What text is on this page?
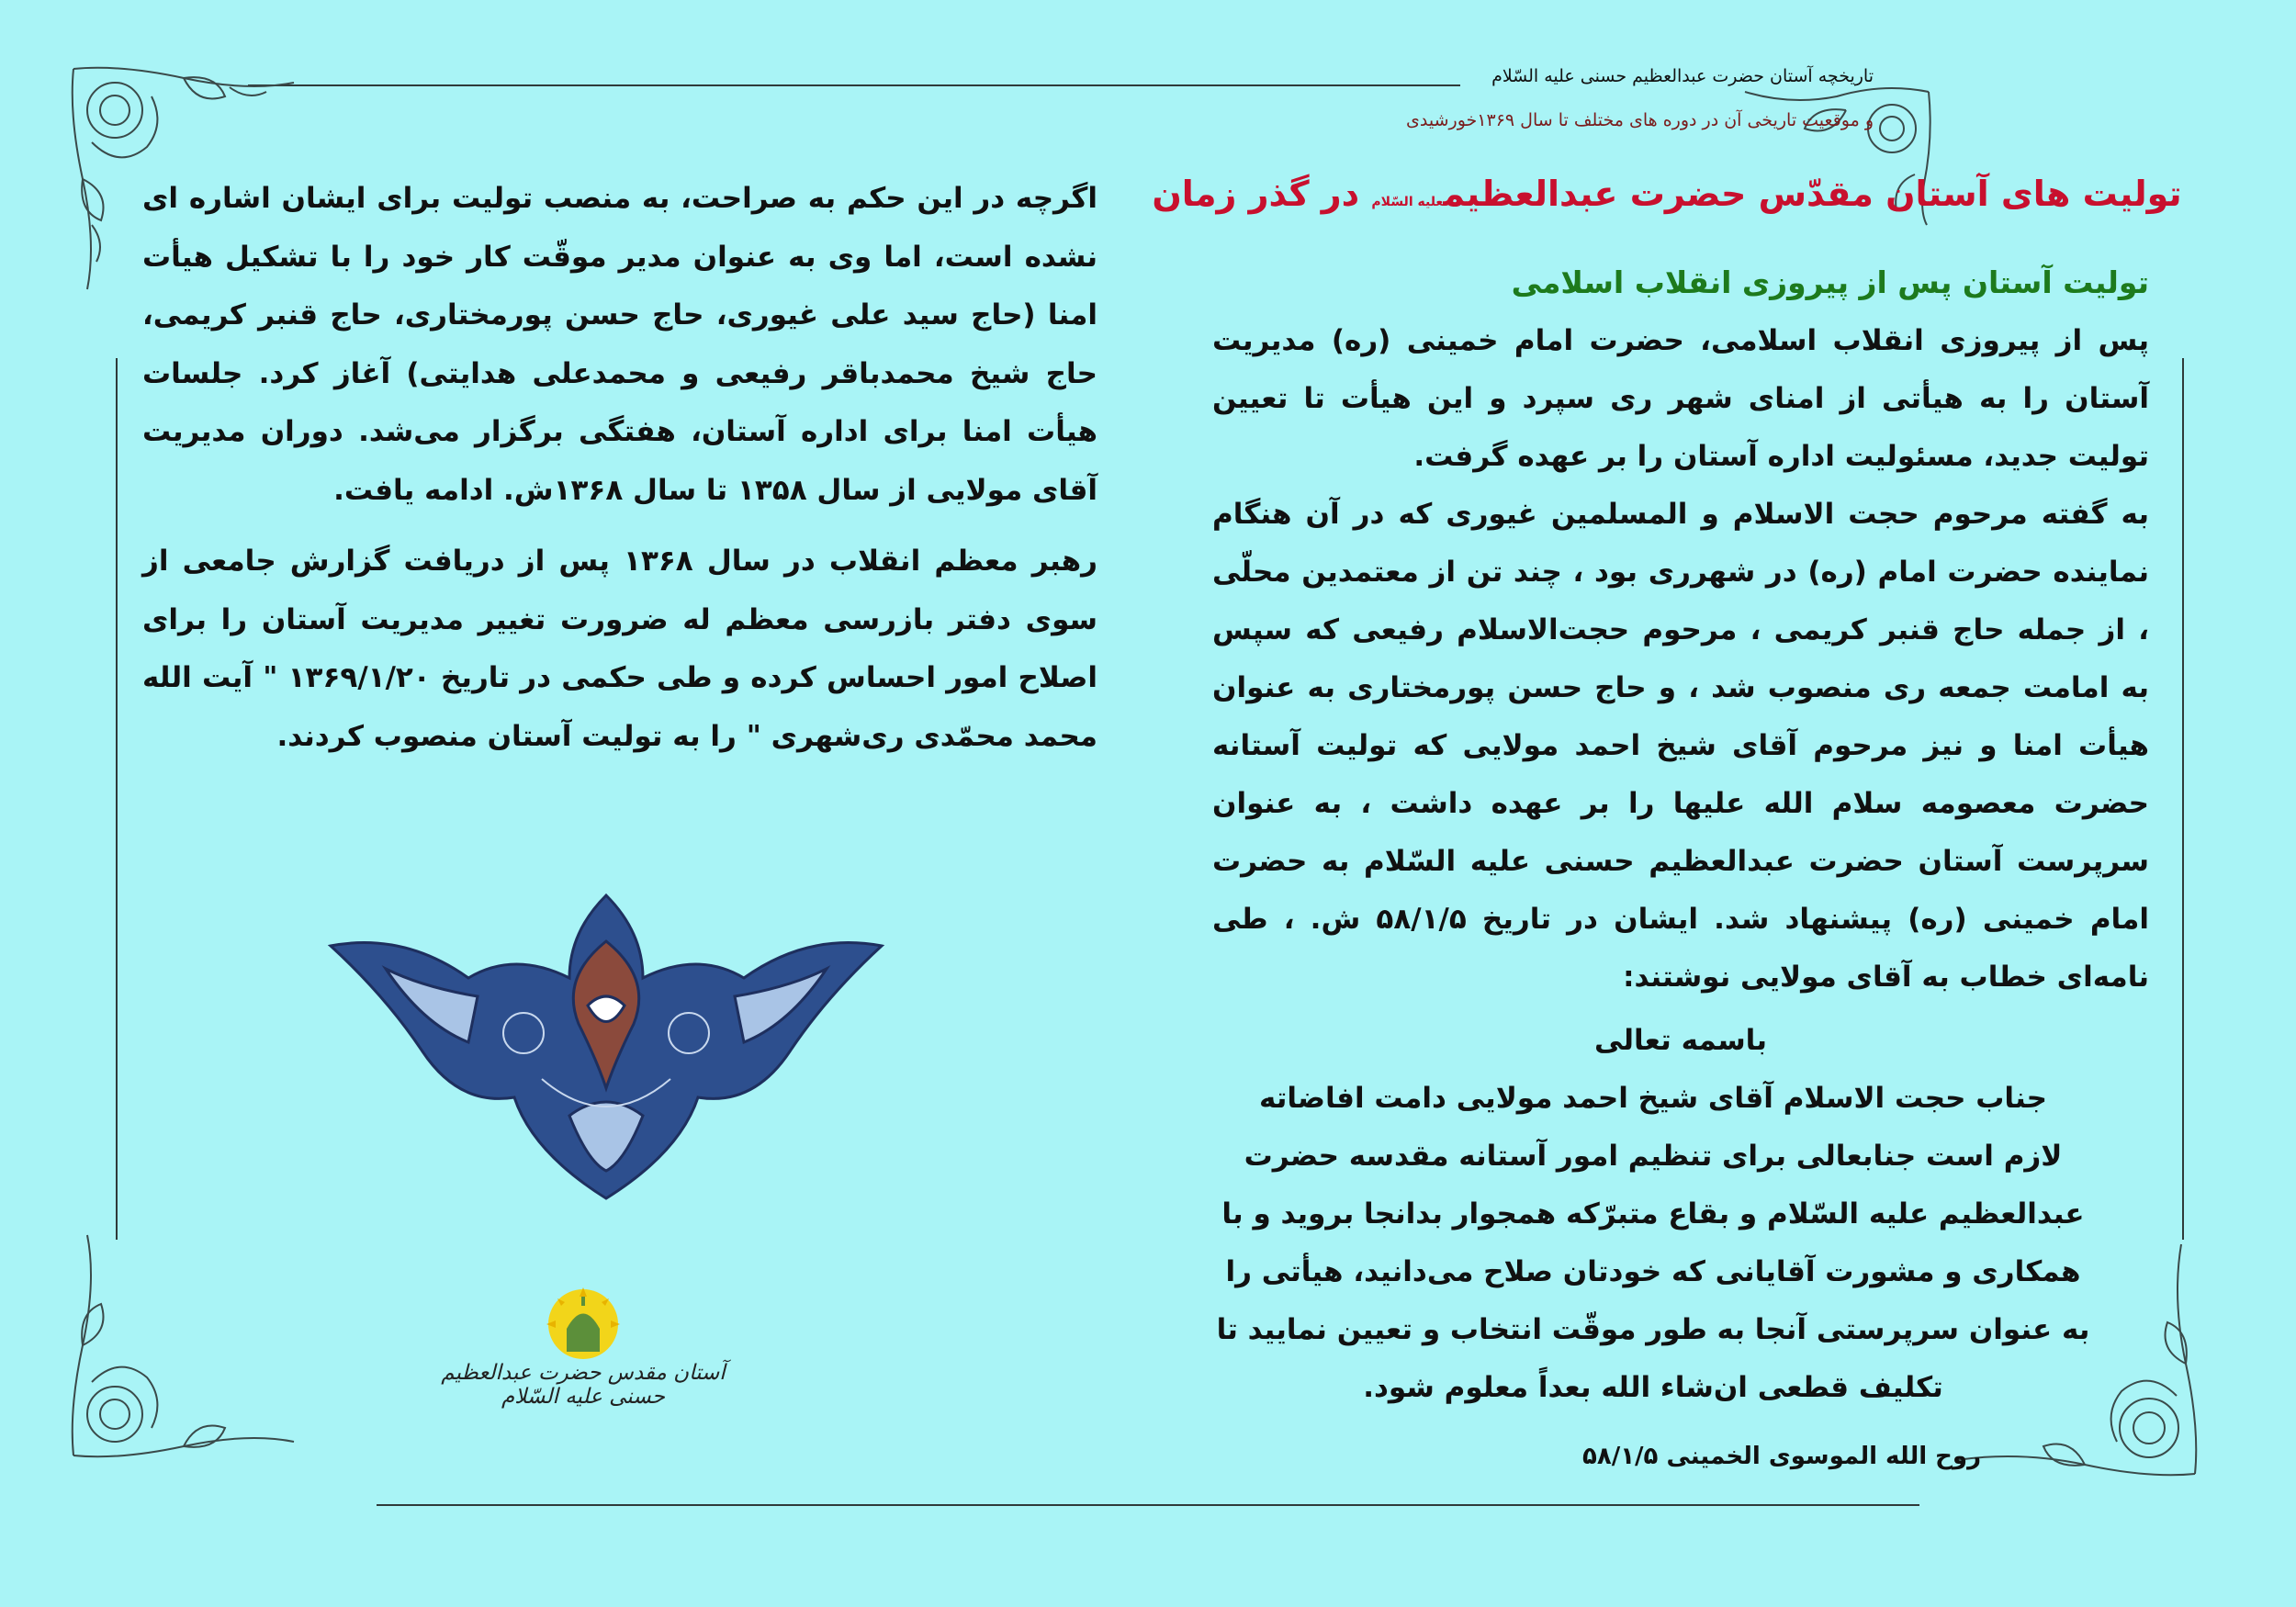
تاریخچه آستان حضرت عبدالعظیم حسنی علیه السّلام
و موقعیت تاریخی آن در دوره های مختلف تا سال ۱۳۶۹خورشیدی
تولیت های آستان مقدّس حضرت عبدالعظیمعلیه السّلام در گذر زمان

تولیت آستان پس از پیروزی انقلاب اسلامی

پس از پیروزی انقلاب اسلامی، حضرت امام خمینی (ره) مدیریت آستان را به هیأتی از امنای شهر ری سپرد و این هیأت تا تعیین تولیت جدید، مسئولیت اداره آستان را بر عهده گرفت.

به گفته مرحوم حجت الاسلام و المسلمین غیوری که در آن هنگام نماینده حضرت امام (ره) در شهرری بود ، چند تن از معتمدین محلّی ، از جمله حاج قنبر کریمی ، مرحوم حجت‌الاسلام رفیعی که سپس به امامت جمعه ری منصوب شد ، و حاج حسن پورمختاری به عنوان هیأت امنا و نیز مرحوم آقای شیخ احمد مولایی که تولیت آستانه حضرت معصومه سلام الله علیها را بر عهده داشت ، به عنوان سرپرست آستان حضرت عبدالعظیم حسنی علیه السّلام به حضرت امام خمینی (ره) پیشنهاد شد. ایشان در تاریخ ۵۸/۱/۵ ش. ، طی نامه‌ای خطاب به آقای مولایی نوشتند:

باسمه تعالی

جناب حجت الاسلام آقای شیخ احمد مولایی دامت افاضاته

لازم است جنابعالی برای تنظیم امور آستانه مقدسه حضرت عبدالعظیم علیه السّلام و بقاع متبرّکه همجوار بدانجا بروید و با همکاری و مشورت آقایانی که خودتان صلاح می‌دانید، هیأتی را به عنوان سرپرستی آنجا به طور موقّت انتخاب و تعیین نمایید تا تکلیف قطعی ان‌شاء الله بعداً معلوم شود.

روح الله الموسوی الخمینی ۵۸/۱/۵

اگرچه در این حکم به صراحت، به منصب تولیت برای ایشان اشاره ای نشده است، اما وی به عنوان مدیر موقّت کار خود را با تشکیل هیأت امنا (حاج سید علی غیوری، حاج حسن پورمختاری، حاج قنبر کریمی، حاج شیخ محمدباقر رفیعی و محمدعلی هدایتی) آغاز کرد. جلسات هیأت امنا برای اداره آستان، هفتگی برگزار می‌شد. دوران مدیریت آقای مولایی از سال ۱۳۵۸ تا سال ۱۳۶۸ش. ادامه یافت.

رهبر معظم انقلاب در سال ۱۳۶۸ پس از دریافت گزارش جامعی از سوی دفتر بازرسی معظم له ضرورت تغییر مدیریت آستان را برای اصلاح امور احساس کرده و طی حکمی در تاریخ ۱۳۶۹/۱/۲۰ " آیت الله محمد محمّدی ری‌شهری " را به تولیت آستان منصوب کردند.

آستان مقدس حضرت عبدالعظیم حسنی علیه السّلام
